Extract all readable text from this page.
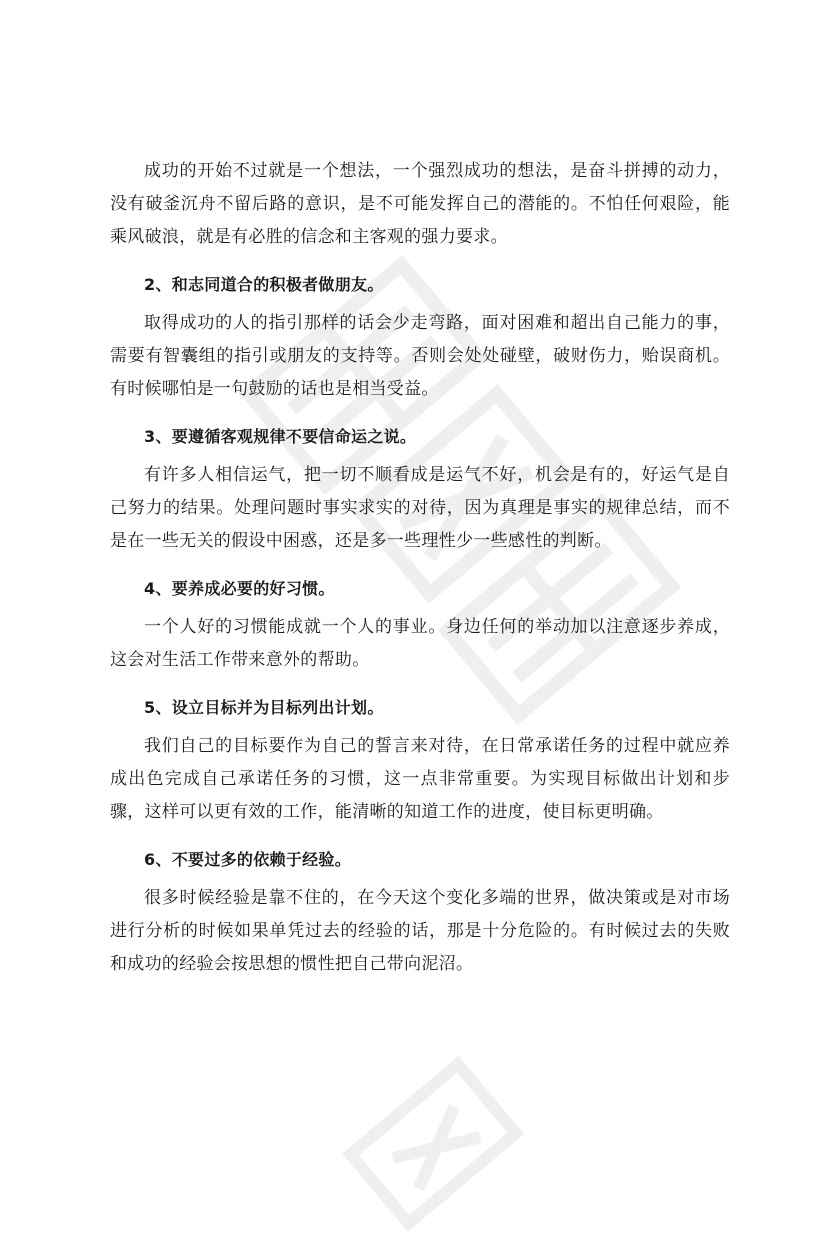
成功的开始不过就是一个想法，一个强烈成功的想法，是奋斗拼搏的动力，没有破釜沉舟不留后路的意识，是不可能发挥自己的潜能的。不怕任何艰险，能乘风破浪，就是有必胜的信念和主客观的强力要求。

2、和志同道合的积极者做朋友。

取得成功的人的指引那样的话会少走弯路，面对困难和超出自己能力的事，需要有智囊组的指引或朋友的支持等。否则会处处碰壁，破财伤力，贻误商机。有时候哪怕是一句鼓励的话也是相当受益。

3、要遵循客观规律不要信命运之说。

有许多人相信运气，把一切不顺看成是运气不好，机会是有的，好运气是自己努力的结果。处理问题时事实求实的对待，因为真理是事实的规律总结，而不是在一些无关的假设中困惑，还是多一些理性少一些感性的判断。

4、要养成必要的好习惯。

一个人好的习惯能成就一个人的事业。身边任何的举动加以注意逐步养成，这会对生活工作带来意外的帮助。

5、设立目标并为目标列出计划。

我们自己的目标要作为自己的誓言来对待，在日常承诺任务的过程中就应养成出色完成自己承诺任务的习惯，这一点非常重要。为实现目标做出计划和步骤，这样可以更有效的工作，能清晰的知道工作的进度，使目标更明确。

6、不要过多的依赖于经验。

很多时候经验是靠不住的，在今天这个变化多端的世界，做决策或是对市场进行分析的时候如果单凭过去的经验的话，那是十分危险的。有时候过去的失败和成功的经验会按思想的惯性把自己带向泥沼。
